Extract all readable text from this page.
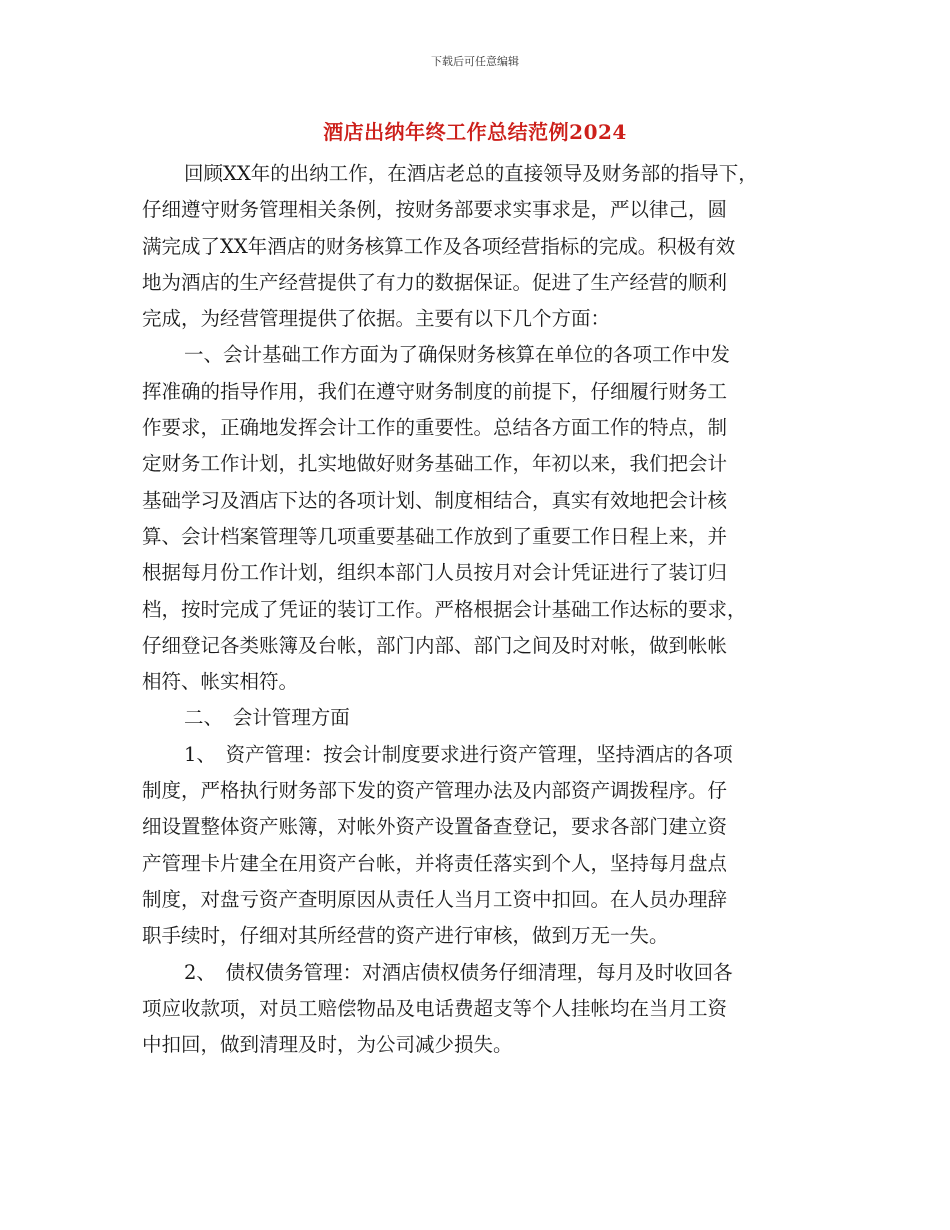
下载后可任意编辑
酒店出纳年终工作总结范例2024
回顾XX年的出纳工作，在酒店老总的直接领导及财务部的指导下，
仔细遵守财务管理相关条例，按财务部要求实事求是，严以律己，圆
满完成了XX年酒店的财务核算工作及各项经营指标的完成。积极有效
地为酒店的生产经营提供了有力的数据保证。促进了生产经营的顺利
完成，为经营管理提供了依据。主要有以下几个方面：
一、会计基础工作方面为了确保财务核算在单位的各项工作中发
挥准确的指导作用，我们在遵守财务制度的前提下，仔细履行财务工
作要求，正确地发挥会计工作的重要性。总结各方面工作的特点，制
定财务工作计划，扎实地做好财务基础工作，年初以来，我们把会计
基础学习及酒店下达的各项计划、制度相结合，真实有效地把会计核
算、会计档案管理等几项重要基础工作放到了重要工作日程上来，并
根据每月份工作计划，组织本部门人员按月对会计凭证进行了装订归
档，按时完成了凭证的装订工作。严格根据会计基础工作达标的要求，
仔细登记各类账簿及台帐，部门内部、部门之间及时对帐，做到帐帐
相符、帐实相符。
二、　会计管理方面
1、　资产管理：按会计制度要求进行资产管理，坚持酒店的各项
制度，严格执行财务部下发的资产管理办法及内部资产调拨程序。仔
细设置整体资产账簿，对帐外资产设置备查登记，要求各部门建立资
产管理卡片建全在用资产台帐，并将责任落实到个人，坚持每月盘点
制度，对盘亏资产查明原因从责任人当月工资中扣回。在人员办理辞
职手续时，仔细对其所经营的资产进行审核，做到万无一失。
2、　债权债务管理：对酒店债权债务仔细清理，每月及时收回各
项应收款项，对员工赔偿物品及电话费超支等个人挂帐均在当月工资
中扣回，做到清理及时，为公司减少损失。
